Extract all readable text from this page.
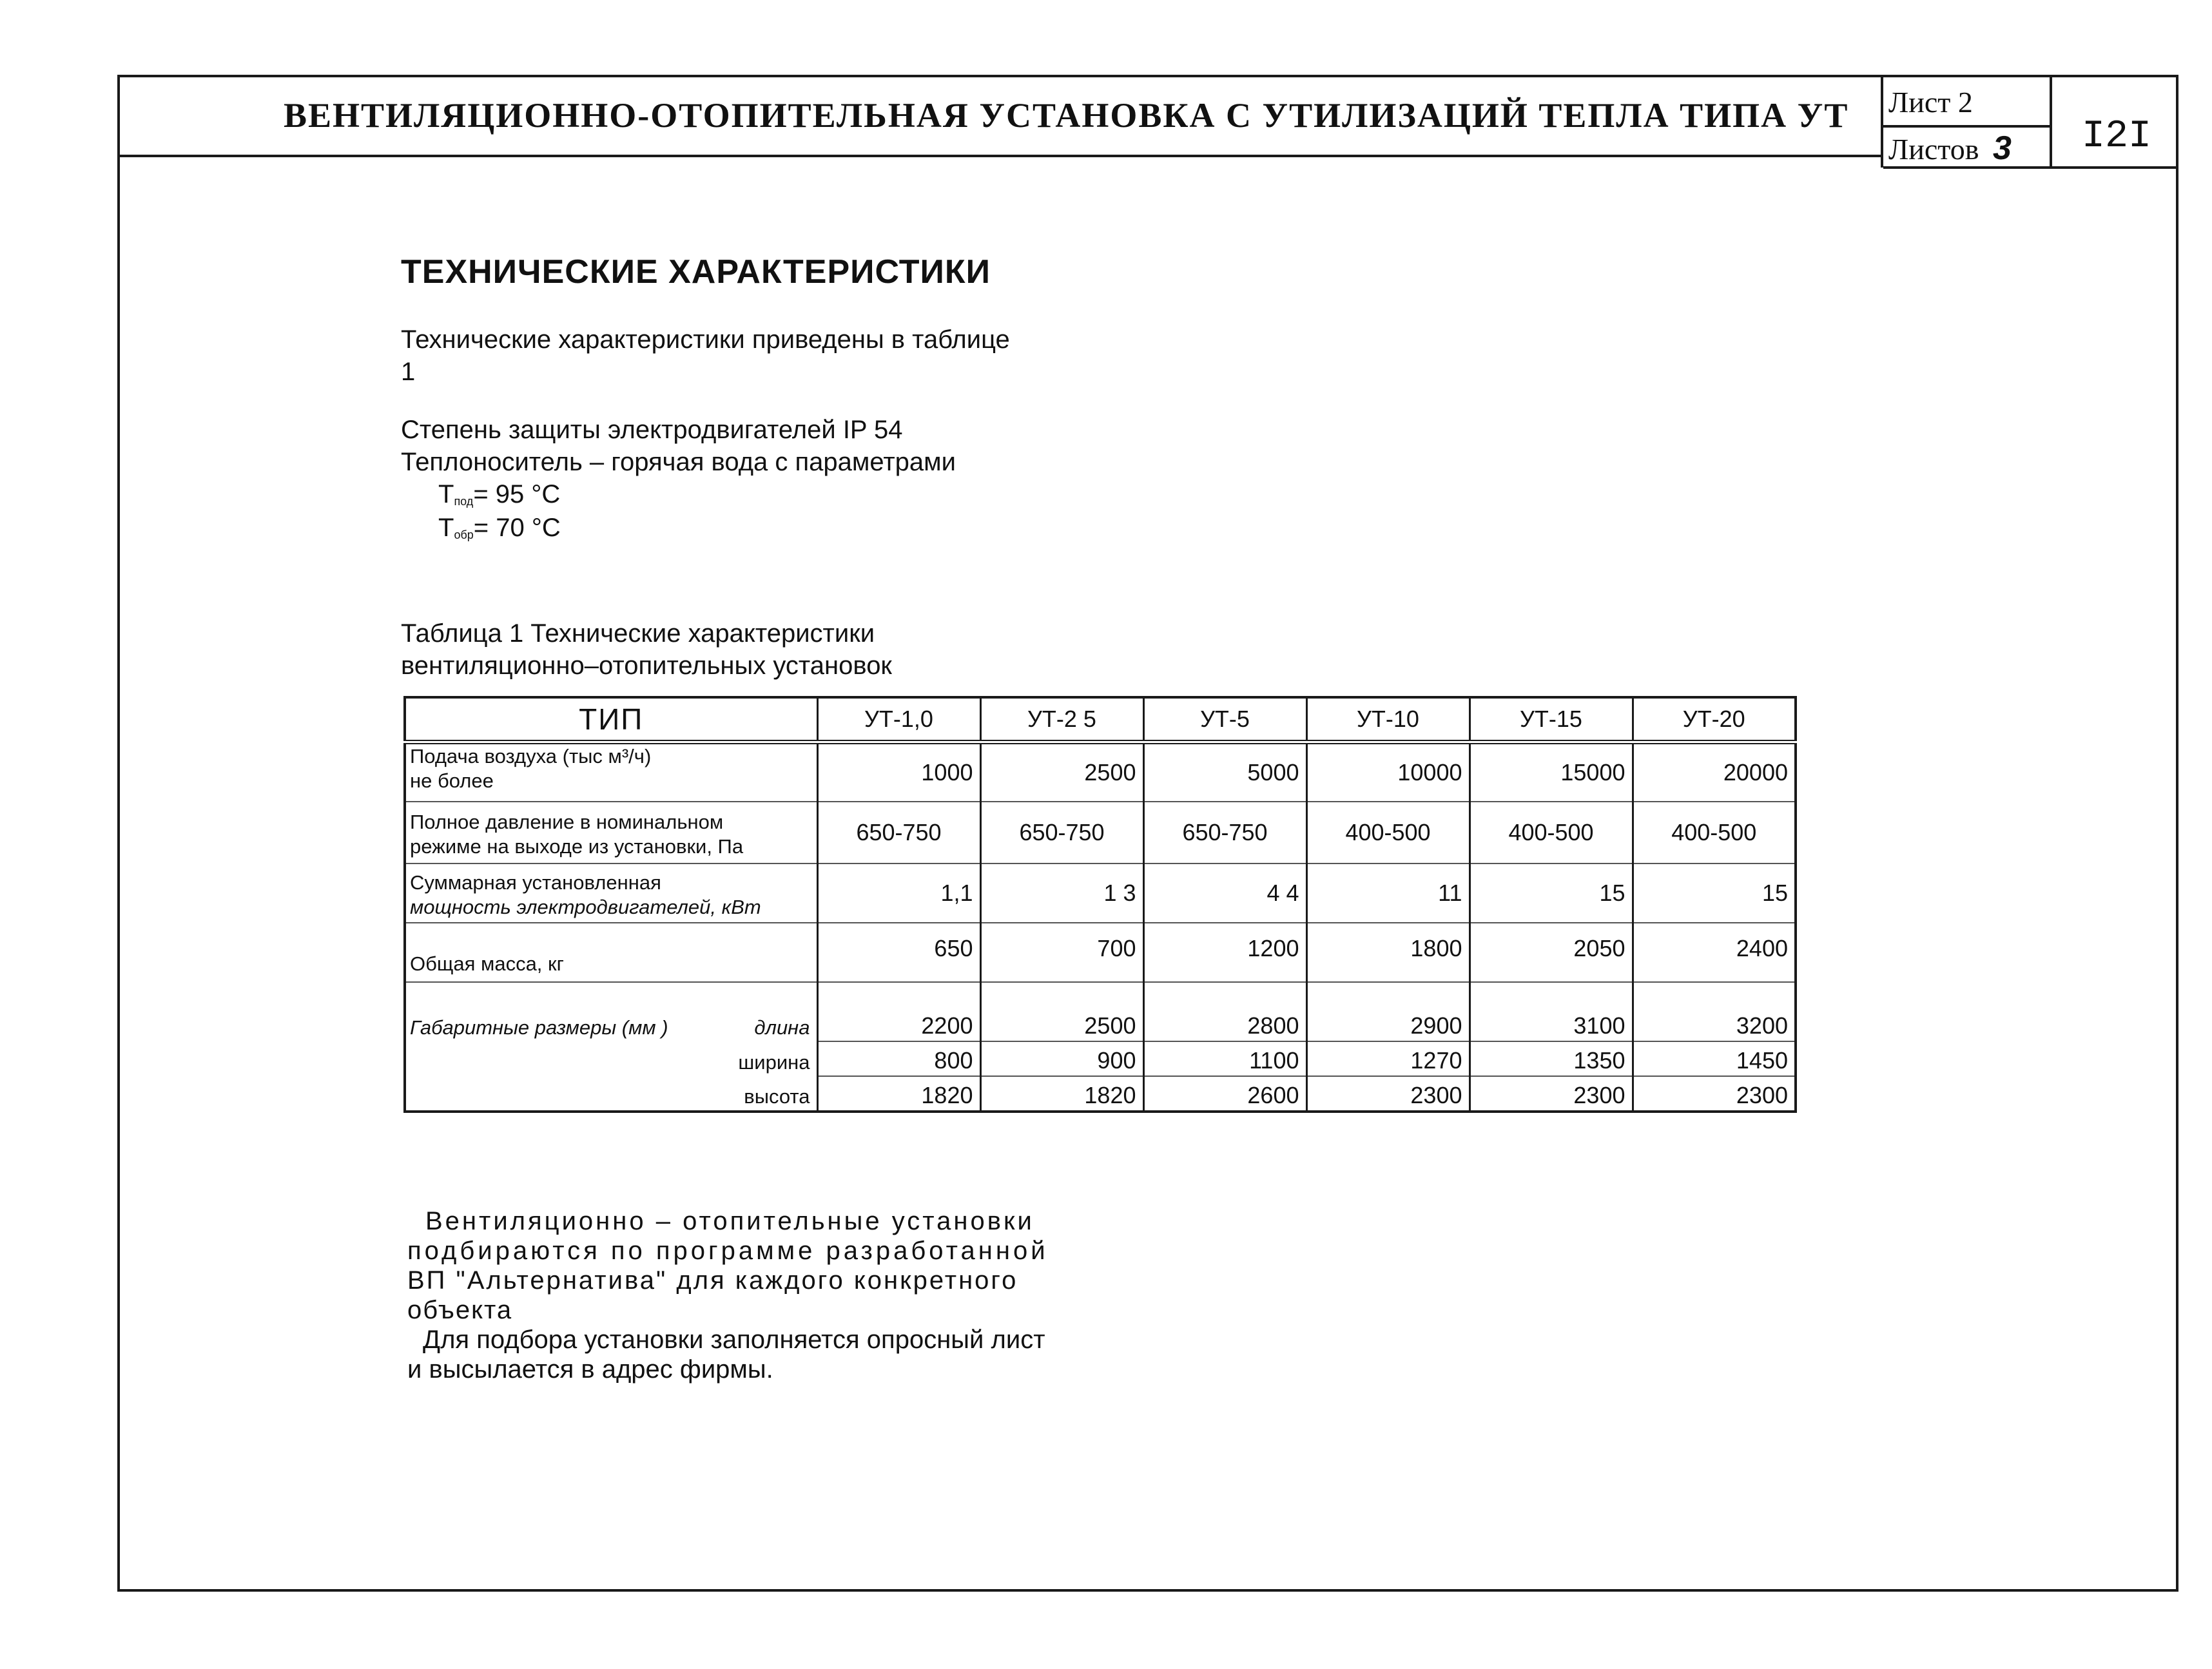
ВЕНТИЛЯЦИОННО-ОТОПИТЕЛЬНАЯ УСТАНОВКА С УТИЛИЗАЦИЙ ТЕПЛА ТИПА УТ Лист 2
Листов 3 I2I
ТЕХНИЧЕСКИЕ ХАРАКТЕРИСТИКИ
Технические характеристики приведены в таблице
1
Степень защиты электродвигателей IP 54
Теплоноситель – горячая вода с параметрами
$T_{под}= 95$ °С
$T_{обр}= 70$ °С
Таблица 1 Технические характеристики
вентиляционно–отопительных установок
ТИП	УТ-1,0	УТ-2 5	УТ-5	УТ-10	УТ-15	УТ-20

Подача воздуха (тыс м³/ч)
не более	1000	2500	5000	10000	15000	20000

Полное давление в номинальном
режиме на выходе из установки, Па	650-750	650-750	650-750	400-500	400-500	400-500

Суммарная установленная
мощность электродвигателей, кВт	1,1	1 3	4 4	11	15	15
Общая масса, кг	650	700	1200	1800	2050	2400

Габаритные размеры (мм ) длина	2200	2500	2800	2900	3100	3200

ширина	800	900	1100	1270	1350	1450

высота	1820	1820	2600	2300	2300	2300
Вентиляционно – отопительные установки
подбираются по программе разработанной
ВП "Альтернатива" для каждого конкретного
объекта
Для подбора установки заполняется опросный лист
и высылается в адрес фирмы.
